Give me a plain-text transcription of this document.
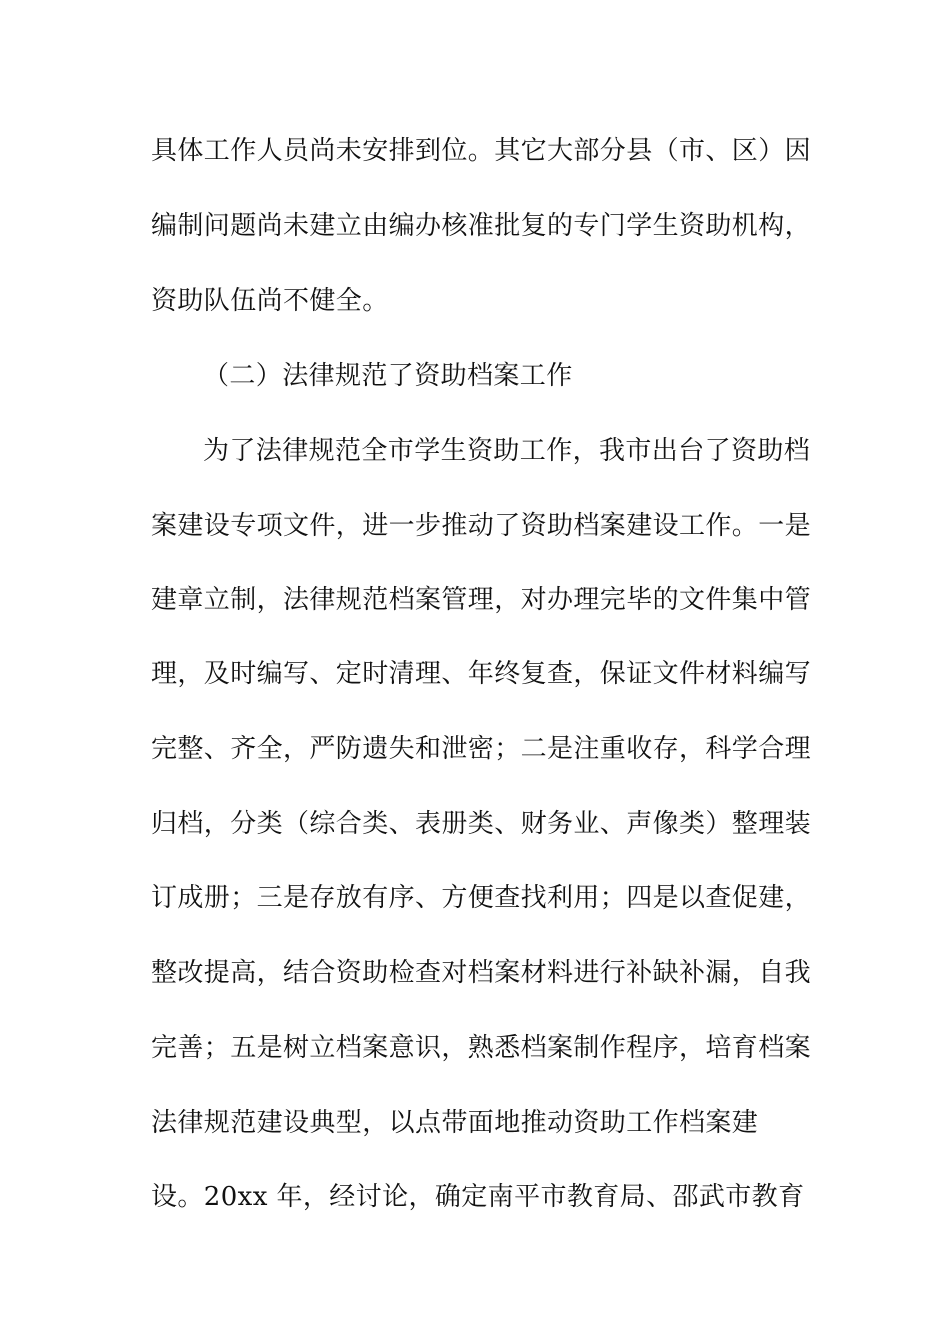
具体工作人员尚未安排到位。其它大部分县（市、区）因

编制问题尚未建立由编办核准批复的专门学生资助机构，

资助队伍尚不健全。

（二）法律规范了资助档案工作

为了法律规范全市学生资助工作，我市出台了资助档

案建设专项文件，进一步推动了资助档案建设工作。一是

建章立制，法律规范档案管理，对办理完毕的文件集中管

理，及时编写、定时清理、年终复查，保证文件材料编写

完整、齐全，严防遗失和泄密；二是注重收存，科学合理

归档，分类（综合类、表册类、财务业、声像类）整理装

订成册；三是存放有序、方便查找利用；四是以查促建，

整改提高，结合资助检查对档案材料进行补缺补漏，自我

完善；五是树立档案意识，熟悉档案制作程序，培育档案

法律规范建设典型，以点带面地推动资助工作档案建

设。20xx 年，经讨论，确定南平市教育局、邵武市教育
